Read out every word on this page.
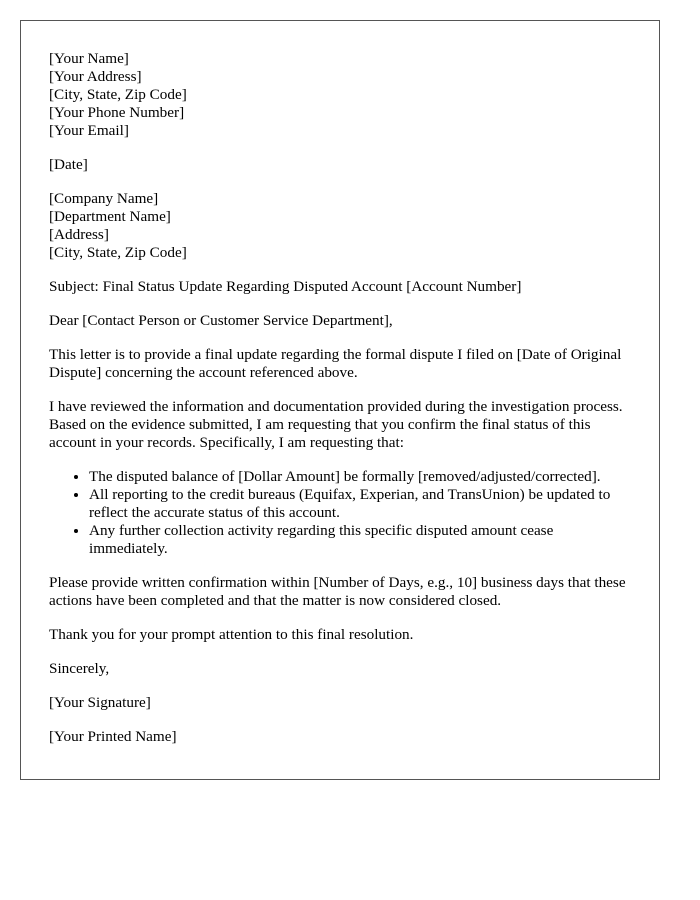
[Your Name]
[Your Address]
[City, State, Zip Code]
[Your Phone Number]
[Your Email]

[Date]

[Company Name]
[Department Name]
[Address]
[City, State, Zip Code]

Subject: Final Status Update Regarding Disputed Account [Account Number]

Dear [Contact Person or Customer Service Department],

This letter is to provide a final update regarding the formal dispute I filed on [Date of Original Dispute] concerning the account referenced above.

I have reviewed the information and documentation provided during the investigation process. Based on the evidence submitted, I am requesting that you confirm the final status of this account in your records. Specifically, I am requesting that:

• The disputed balance of [Dollar Amount] be formally [removed/adjusted/corrected].
• All reporting to the credit bureaus (Equifax, Experian, and TransUnion) be updated to reflect the accurate status of this account.
• Any further collection activity regarding this specific disputed amount cease immediately.

Please provide written confirmation within [Number of Days, e.g., 10] business days that these actions have been completed and that the matter is now considered closed.

Thank you for your prompt attention to this final resolution.

Sincerely,

[Your Signature]

[Your Printed Name]
